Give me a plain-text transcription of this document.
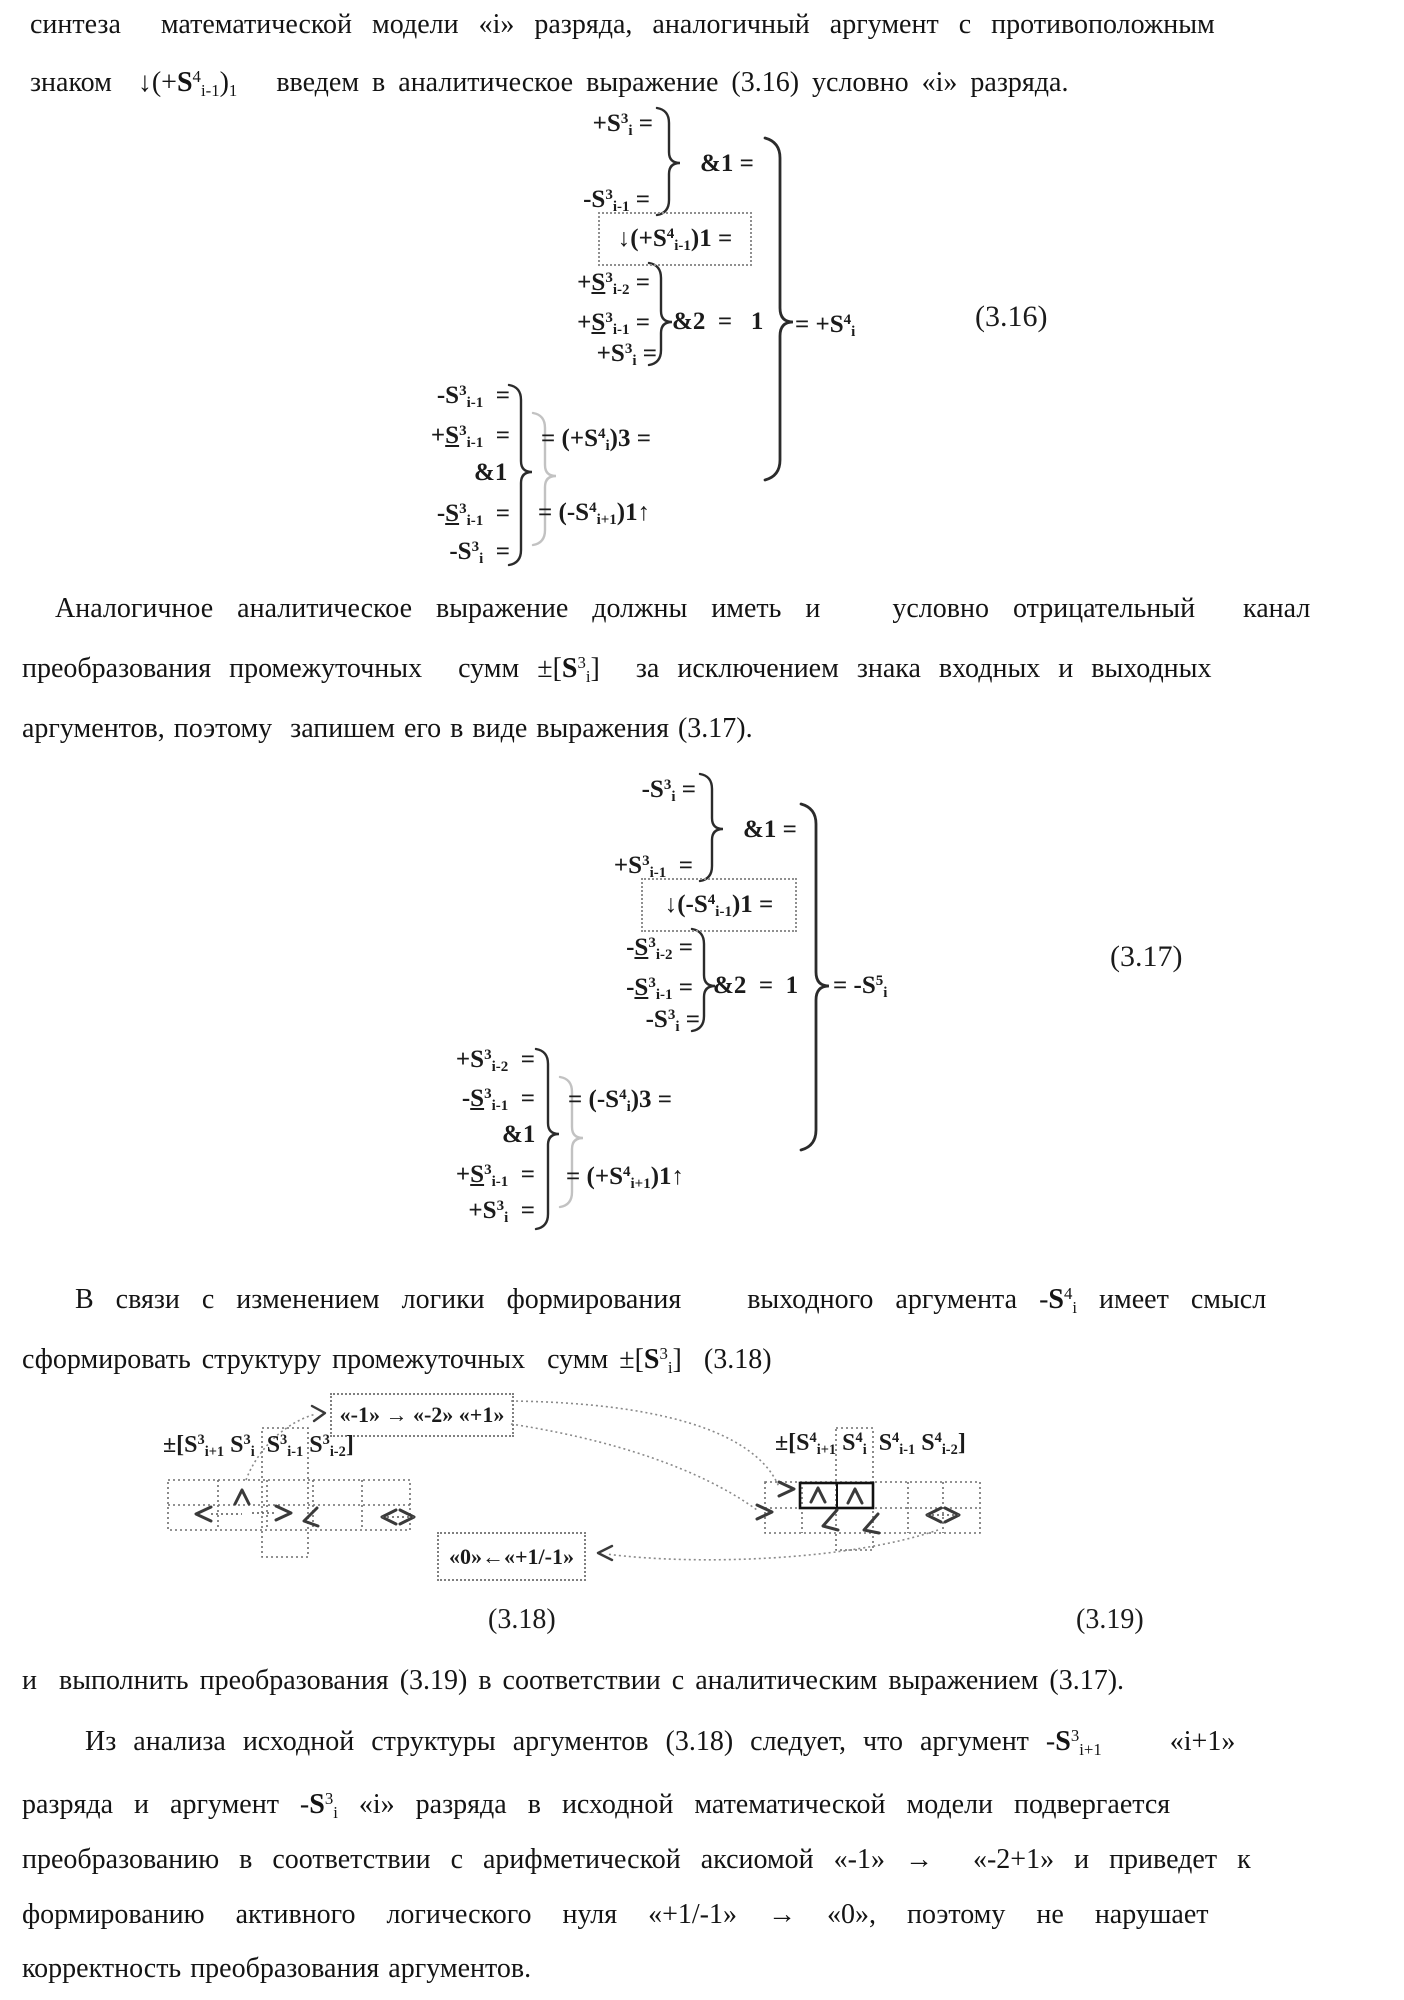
синтеза  математической модели «i» разряда, аналогичный аргумент с противоположным
знаком  $↓(+S^4_{i-1})_1$   введем в аналитическое выражение (3.16) условно «i» разряда.
$+S^3_i$ =
&1 =
$-S^3_{i-1}$ =
$↓(+S^4_{i-1})1$ =
$+S^3_{i-2}$ =
$+S^3_{i-1}$ = &2  =   $1 = +S^4_i$	(3.16)
$+S^3_i$ =
$-S^3_{i-1}$  =
$+S^3_{i-1}$  =
&1
$-S^3_{i-1}$  =
$-S^3_i$  =
= $(+S^4_i)3$ =
= $(-S^4_{i+1})1↑$
Аналогичное аналитическое выражение должны иметь и   условно отрицательный  канал
преобразования промежуточных  сумм $\pm[S^3_i]$  за исключением знака входных и выходных
аргументов, поэтому  запишем его в виде выражения (3.17).
$-S^3_i$ =
&1 =
$+S^3_{i-1}$  =
$↓(-S^4_{i-1})1$ =
$-S^3_{i-2}$ =
$-S^3_{i-1}$ = &2  =  $1 = -S^5_i$
(3.17)
$-S^3_i$ =
$+S^3_{i-2}$  =
$-S^3_{i-1}$  =
&1
$+S^3_{i-1}$  =
$+S^3_i$  =
= $(-S^4_i)3$ =
= $(+S^4_{i+1})1↑$
В связи с изменением логики формирования   выходного аргумента $-S^4_i$ имеет смысл
сформировать структуру промежуточных  сумм $\pm[S^3_i]$  (3.18)
«-1» → «-2» «+1»
$\pm[S^3_{i+1}$ $S^3_i$  $S^3_{i-1}$ $S^3_{i-2}$]	$\pm[S^4_{i+1}$ $S^4_i$  $S^4_{i-1}$ $S^4_{i-2}$]
«0»←«+1/-1»
(3.18)	(3.19)
и  выполнить преобразования (3.19) в соответствии с аналитическим выражением (3.17).
Из анализа исходной структуры аргументов (3.18) следует, что аргумент $-S^3_{i+1}$    «i+1»
разряда и аргумент $-S^3_i$ «i» разряда в исходной математической модели подвергается
преобразованию в соответствии с арифметической аксиомой «-1» →  «-2+1» и приведет к
формированию активного логического нуля «+1/-1» → «0», поэтому не нарушает
корректность преобразования аргументов.
